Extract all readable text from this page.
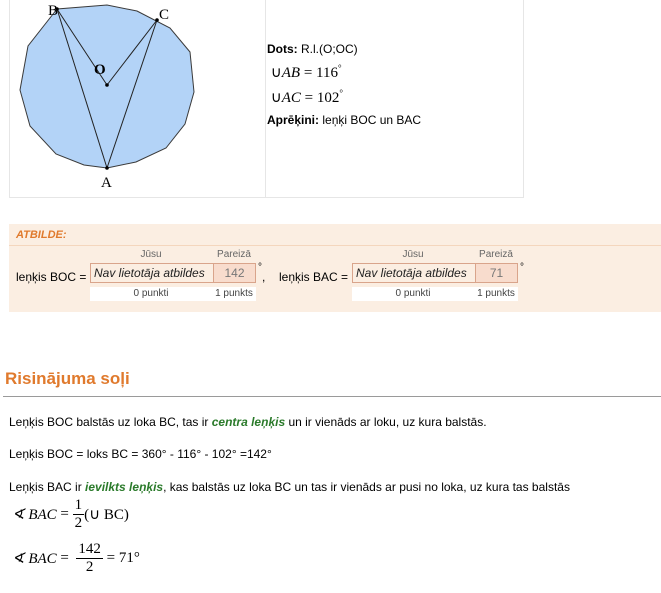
B	C
O
A
Dots: R.l.(O;OC)
∪AB = 116°
∪AC = 102°
Aprēķini: leņķi BOC un BAC
ATBILDE:
Jūsu	Pareizā
leņķis BOC = Nav lietotāja atbildes	142	°
,
0 punkti	1 punkts
Jūsu	Pareizā
leņķis BAC = Nav lietotāja atbildes	71	°
0 punkti	1 punkts
Risinājuma soļi
Leņķis BOC balstās uz loka BC, tas ir centra leņķis un ir vienāds ar loku, uz kura balstās.
Leņķis BOC = loks BC = 360° - 116° - 102° =142°
Leņķis BAC ir ievilkts leņķis, kas balstās uz loka BC un tas ir vienāds ar pusi no loka, uz kura tas balstās
∢ BAC
=
$\frac{1}{2}$ (∪ BC)
∢ BAC
=
$\frac{142}{2}$
= 71°
